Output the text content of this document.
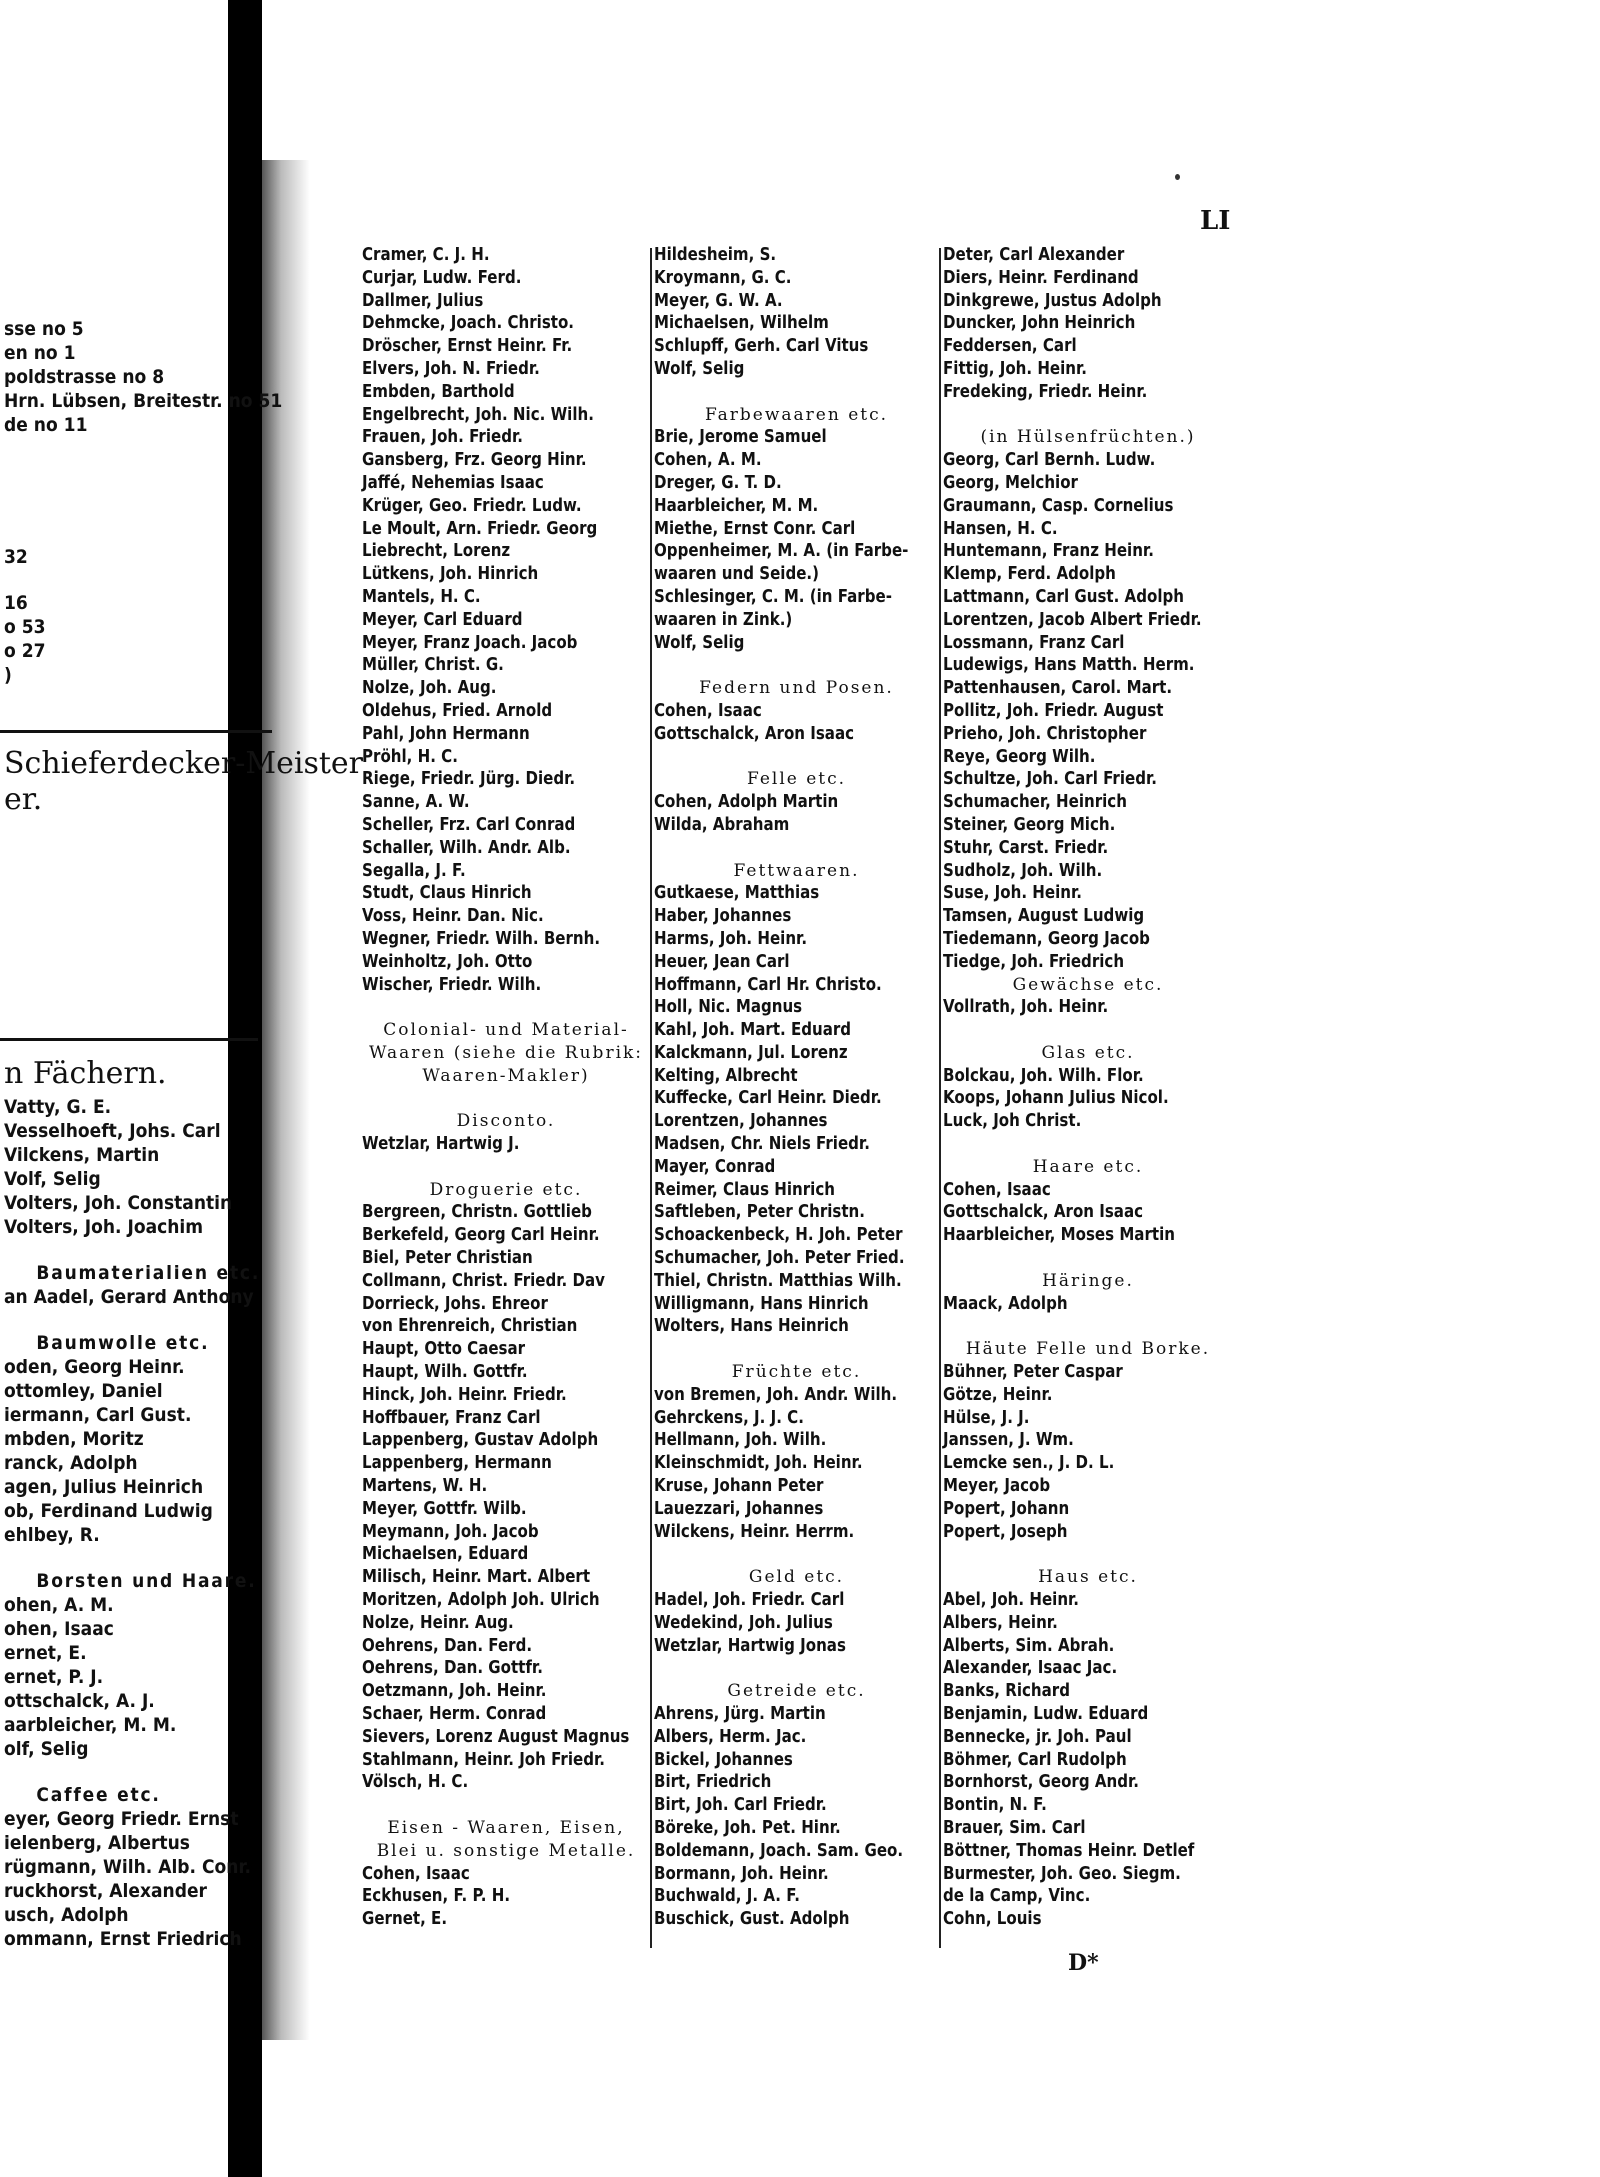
sse no 5
en no 1
poldstrasse no 8
Hrn. Lübsen, Breitestr. no 51
de no 11
32
16
o 53
o 27
)
Schieferdecker-Meister
er.
n Fächern.
Vatty, G. E.
Vesselhoeft, Johs. Carl
Vilckens, Martin
Volf, Selig
Volters, Joh. Constantin
Volters, Joh. Joachim
Baumaterialien etc.
an Aadel, Gerard Anthony
Baumwolle etc.
oden, Georg Heinr.
ottomley, Daniel
iermann, Carl Gust.
mbden, Moritz
ranck, Adolph
agen, Julius Heinrich
ob, Ferdinand Ludwig
ehlbey, R.
Borsten und Haare.
ohen, A. M.
ohen, Isaac
ernet, E.
ernet, P. J.
ottschalck, A. J.
aarbleicher, M. M.
olf, Selig
Caffee etc.
eyer, Georg Friedr. Ernst
ielenberg, Albertus
rügmann, Wilh. Alb. Conr.
ruckhorst, Alexander
usch, Adolph
ommann, Ernst Friedrich
LI
Cramer, C. J. H.
Curjar, Ludw. Ferd.
Dallmer, Julius
Dehmcke, Joach. Christo.
Dröscher, Ernst Heinr. Fr.
Elvers, Joh. N. Friedr.
Embden, Barthold
Engelbrecht, Joh. Nic. Wilh.
Frauen, Joh. Friedr.
Gansberg, Frz. Georg Hinr.
Jaffé, Nehemias Isaac
Krüger, Geo. Friedr. Ludw.
Le Moult, Arn. Friedr. Georg
Liebrecht, Lorenz
Lütkens, Joh. Hinrich
Mantels, H. C.
Meyer, Carl Eduard
Meyer, Franz Joach. Jacob
Müller, Christ. G.
Nolze, Joh. Aug.
Oldehus, Fried. Arnold
Pahl, John Hermann
Pröhl, H. C.
Riege, Friedr. Jürg. Diedr.
Sanne, A. W.
Scheller, Frz. Carl Conrad
Schaller, Wilh. Andr. Alb.
Segalla, J. F.
Studt, Claus Hinrich
Voss, Heinr. Dan. Nic.
Wegner, Friedr. Wilh. Bernh.
Weinholtz, Joh. Otto
Wischer, Friedr. Wilh.
Colonial- und Material-
Waaren (siehe die Rubrik:
Waaren-Makler)
Disconto.
Wetzlar, Hartwig J.
Droguerie etc.
Bergreen, Christn. Gottlieb
Berkefeld, Georg Carl Heinr.
Biel, Peter Christian
Collmann, Christ. Friedr. Dav
Dorrieck, Johs. Ehreor
von Ehrenreich, Christian
Haupt, Otto Caesar
Haupt, Wilh. Gottfr.
Hinck, Joh. Heinr. Friedr.
Hoffbauer, Franz Carl
Lappenberg, Gustav Adolph
Lappenberg, Hermann
Martens, W. H.
Meyer, Gottfr. Wilb.
Meymann, Joh. Jacob
Michaelsen, Eduard
Milisch, Heinr. Mart. Albert
Moritzen, Adolph Joh. Ulrich
Nolze, Heinr. Aug.
Oehrens, Dan. Ferd.
Oehrens, Dan. Gottfr.
Oetzmann, Joh. Heinr.
Schaer, Herm. Conrad
Sievers, Lorenz August Magnus
Stahlmann, Heinr. Joh Friedr.
Völsch, H. C.
Eisen - Waaren, Eisen,
Blei u. sonstige Metalle.
Cohen, Isaac
Eckhusen, F. P. H.
Gernet, E.
Hildesheim, S.
Kroymann, G. C.
Meyer, G. W. A.
Michaelsen, Wilhelm
Schlupff, Gerh. Carl Vitus
Wolf, Selig
Farbewaaren etc.
Brie, Jerome Samuel
Cohen, A. M.
Dreger, G. T. D.
Haarbleicher, M. M.
Miethe, Ernst Conr. Carl
Oppenheimer, M. A. (in Farbe-
waaren und Seide.)
Schlesinger, C. M. (in Farbe-
waaren in Zink.)
Wolf, Selig
Federn und Posen.
Cohen, Isaac
Gottschalck, Aron Isaac
Felle etc.
Cohen, Adolph Martin
Wilda, Abraham
Fettwaaren.
Gutkaese, Matthias
Haber, Johannes
Harms, Joh. Heinr.
Heuer, Jean Carl
Hoffmann, Carl Hr. Christo.
Holl, Nic. Magnus
Kahl, Joh. Mart. Eduard
Kalckmann, Jul. Lorenz
Kelting, Albrecht
Kuffecke, Carl Heinr. Diedr.
Lorentzen, Johannes
Madsen, Chr. Niels Friedr.
Mayer, Conrad
Reimer, Claus Hinrich
Saftleben, Peter Christn.
Schoackenbeck, H. Joh. Peter
Schumacher, Joh. Peter Fried.
Thiel, Christn. Matthias Wilh.
Willigmann, Hans Hinrich
Wolters, Hans Heinrich
Früchte etc.
von Bremen, Joh. Andr. Wilh.
Gehrckens, J. J. C.
Hellmann, Joh. Wilh.
Kleinschmidt, Joh. Heinr.
Kruse, Johann Peter
Lauezzari, Johannes
Wilckens, Heinr. Herrm.
Geld etc.
Hadel, Joh. Friedr. Carl
Wedekind, Joh. Julius
Wetzlar, Hartwig Jonas
Getreide etc.
Ahrens, Jürg. Martin
Albers, Herm. Jac.
Bickel, Johannes
Birt, Friedrich
Birt, Joh. Carl Friedr.
Böreke, Joh. Pet. Hinr.
Boldemann, Joach. Sam. Geo.
Bormann, Joh. Heinr.
Buchwald, J. A. F.
Buschick, Gust. Adolph
Deter, Carl Alexander
Diers, Heinr. Ferdinand
Dinkgrewe, Justus Adolph
Duncker, John Heinrich
Feddersen, Carl
Fittig, Joh. Heinr.
Fredeking, Friedr. Heinr.
(in Hülsenfrüchten.)
Georg, Carl Bernh. Ludw.
Georg, Melchior
Graumann, Casp. Cornelius
Hansen, H. C.
Huntemann, Franz Heinr.
Klemp, Ferd. Adolph
Lattmann, Carl Gust. Adolph
Lorentzen, Jacob Albert Friedr.
Lossmann, Franz Carl
Ludewigs, Hans Matth. Herm.
Pattenhausen, Carol. Mart.
Pollitz, Joh. Friedr. August
Prieho, Joh. Christopher
Reye, Georg Wilh.
Schultze, Joh. Carl Friedr.
Schumacher, Heinrich
Steiner, Georg Mich.
Stuhr, Carst. Friedr.
Sudholz, Joh. Wilh.
Suse, Joh. Heinr.
Tamsen, August Ludwig
Tiedemann, Georg Jacob
Tiedge, Joh. Friedrich
Gewächse etc.
Vollrath, Joh. Heinr.
Glas etc.
Bolckau, Joh. Wilh. Flor.
Koops, Johann Julius Nicol.
Luck, Joh Christ.
Haare etc.
Cohen, Isaac
Gottschalck, Aron Isaac
Haarbleicher, Moses Martin
Häringe.
Maack, Adolph
Häute Felle und Borke.
Bühner, Peter Caspar
Götze, Heinr.
Hülse, J. J.
Janssen, J. Wm.
Lemcke sen., J. D. L.
Meyer, Jacob
Popert, Johann
Popert, Joseph
Haus etc.
Abel, Joh. Heinr.
Albers, Heinr.
Alberts, Sim. Abrah.
Alexander, Isaac Jac.
Banks, Richard
Benjamin, Ludw. Eduard
Bennecke, jr. Joh. Paul
Böhmer, Carl Rudolph
Bornhorst, Georg Andr.
Bontin, N. F.
Brauer, Sim. Carl
Böttner, Thomas Heinr. Detlef
Burmester, Joh. Geo. Siegm.
de la Camp, Vinc.
Cohn, Louis
D*
